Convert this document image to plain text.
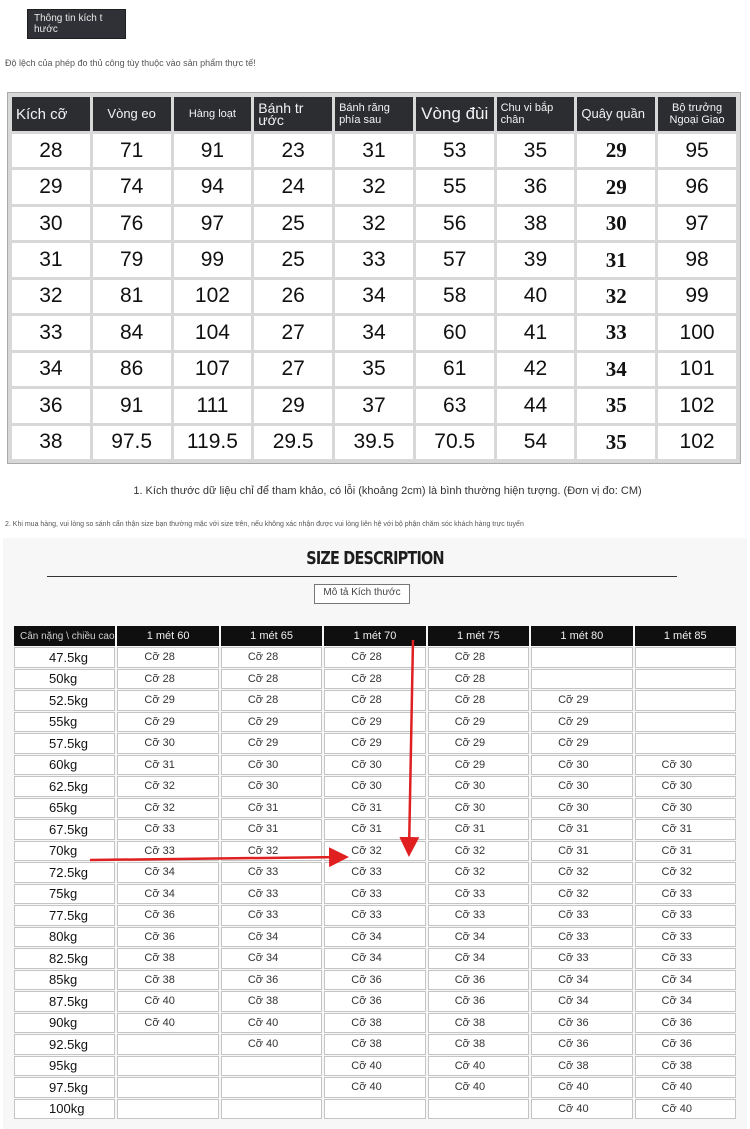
Thông tin kích t hước
Độ lệch của phép đo thủ công tùy thuộc vào sản phẩm thực tế!
Kích cỡ	Vòng eo	Hàng loạt	Bánh tr ước	Bánh răng phía sau	Vòng đùi	Chu vi bắp chân	Quây quần	Bộ trưởng Ngoại Giao
28	71	91	23	31	53	35	29	95
29	74	94	24	32	55	36	29	96
30	76	97	25	32	56	38	30	97
31	79	99	25	33	57	39	31	98
32	81	102	26	34	58	40	32	99
33	84	104	27	34	60	41	33	100
34	86	107	27	35	61	42	34	101
36	91	111	29	37	63	44	35	102
38	97.5	119.5	29.5	39.5	70.5	54	35	102
1. Kích thước dữ liệu chỉ để tham khảo, có lỗi (khoảng 2cm) là bình thường hiện tượng. (Đơn vị đo: CM)
2. Khi mua hàng, vui lòng so sánh cẩn thận size bạn thường mặc với size trên, nếu không xác nhận được vui lòng liên hệ với bộ phận chăm sóc khách hàng trực tuyến
SIZE DESCRIPTION
Mô tả Kích thước
Cân nặng \ chiều cao	1 mét 60	1 mét 65	1 mét 70	1 mét 75	1 mét 80	1 mét 85
47.5kg	Cỡ 28	Cỡ 28	Cỡ 28	Cỡ 28		
50kg	Cỡ 28	Cỡ 28	Cỡ 28	Cỡ 28		
52.5kg	Cỡ 29	Cỡ 28	Cỡ 28	Cỡ 28	Cỡ 29	
55kg	Cỡ 29	Cỡ 29	Cỡ 29	Cỡ 29	Cỡ 29	
57.5kg	Cỡ 30	Cỡ 29	Cỡ 29	Cỡ 29	Cỡ 29	
60kg	Cỡ 31	Cỡ 30	Cỡ 30	Cỡ 29	Cỡ 30	Cỡ 30
62.5kg	Cỡ 32	Cỡ 30	Cỡ 30	Cỡ 30	Cỡ 30	Cỡ 30
65kg	Cỡ 32	Cỡ 31	Cỡ 31	Cỡ 30	Cỡ 30	Cỡ 30
67.5kg	Cỡ 33	Cỡ 31	Cỡ 31	Cỡ 31	Cỡ 31	Cỡ 31
70kg	Cỡ 33	Cỡ 32	Cỡ 32	Cỡ 32	Cỡ 31	Cỡ 31
72.5kg	Cỡ 34	Cỡ 33	Cỡ 33	Cỡ 32	Cỡ 32	Cỡ 32
75kg	Cỡ 34	Cỡ 33	Cỡ 33	Cỡ 33	Cỡ 32	Cỡ 33
77.5kg	Cỡ 36	Cỡ 33	Cỡ 33	Cỡ 33	Cỡ 33	Cỡ 33
80kg	Cỡ 36	Cỡ 34	Cỡ 34	Cỡ 34	Cỡ 33	Cỡ 33
82.5kg	Cỡ 38	Cỡ 34	Cỡ 34	Cỡ 34	Cỡ 33	Cỡ 33
85kg	Cỡ 38	Cỡ 36	Cỡ 36	Cỡ 36	Cỡ 34	Cỡ 34
87.5kg	Cỡ 40	Cỡ 38	Cỡ 36	Cỡ 36	Cỡ 34	Cỡ 34
90kg	Cỡ 40	Cỡ 40	Cỡ 38	Cỡ 38	Cỡ 36	Cỡ 36
92.5kg		Cỡ 40	Cỡ 38	Cỡ 38	Cỡ 36	Cỡ 36
95kg			Cỡ 40	Cỡ 40	Cỡ 38	Cỡ 38
97.5kg			Cỡ 40	Cỡ 40	Cỡ 40	Cỡ 40
100kg					Cỡ 40	Cỡ 40
